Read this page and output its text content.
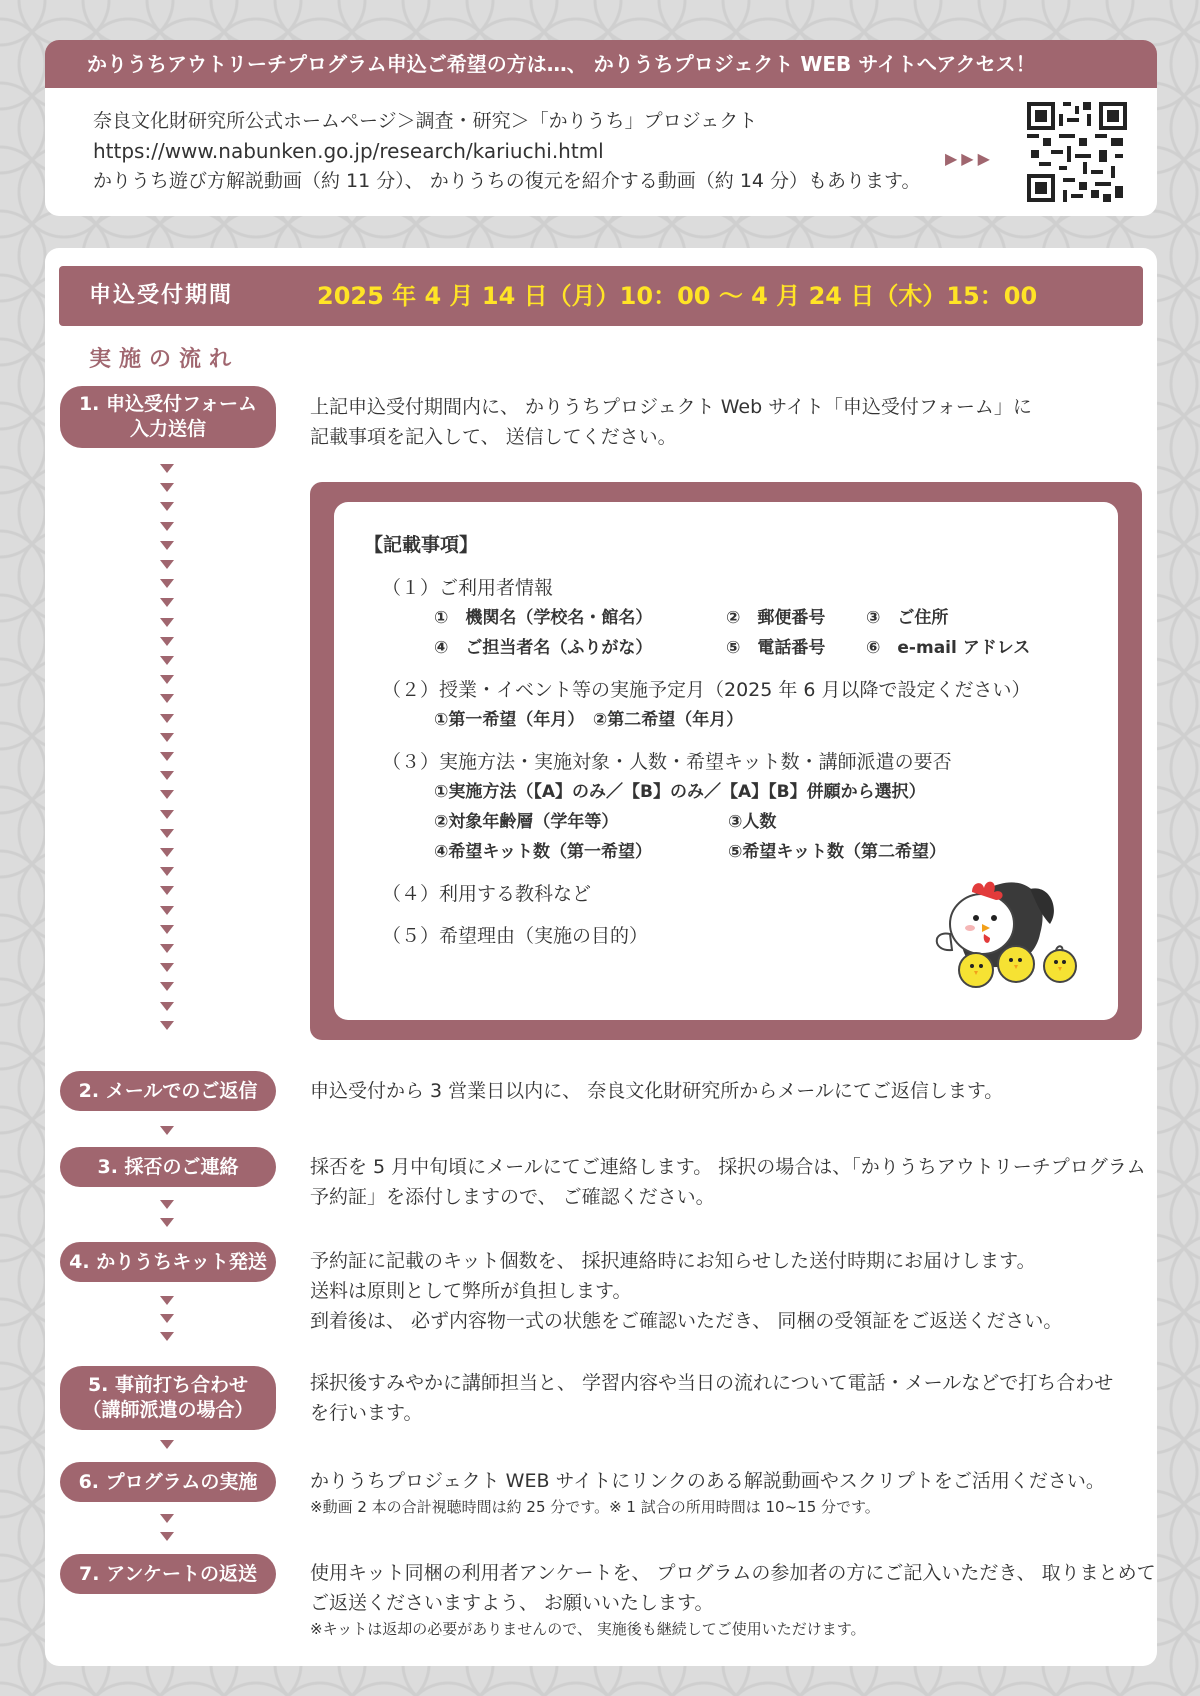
かりうちアウトリーチプログラム申込ご希望の方は…、 かりうちプロジェクト WEB サイトへアクセス！
奈良文化財研究所公式ホームページ＞調査・研究＞「かりうち」プロジェクト
https://www.nabunken.go.jp/research/kariuchi.html
かりうち遊び方解説動画（約 11 分）、 かりうちの復元を紹介する動画（約 14 分）もあります。
▶▶▶
申込受付期間	2025 年 4 月 14 日（月）10：00 ～ 4 月 24 日（木）15：00
実施の流れ
1. 申込受付フォーム
入力送信
上記申込受付期間内に、 かりうちプロジェクト Web サイト「申込受付フォーム」に
記載事項を記入して、 送信してください。
【記載事項】
（１）ご利用者情報
①　機関名（学校名・館名）	②　郵便番号	③　ご住所
④　ご担当者名（ふりがな）	⑤　電話番号	⑥　e-mail アドレス
（２）授業・イベント等の実施予定月（2025 年 6 月以降で設定ください）
①第一希望（年月）　②第二希望（年月）
（３）実施方法・実施対象・人数・希望キット数・講師派遣の要否
①実施方法（【A】のみ／【B】のみ／【A】【B】併願から選択）
②対象年齢層（学年等）	③人数
④希望キット数（第一希望）	⑤希望キット数（第二希望）
（４）利用する教科など
（５）希望理由（実施の目的）
2. メールでのご返信	申込受付から 3 営業日以内に、 奈良文化財研究所からメールにてご返信します。
3. 採否のご連絡	採否を 5 月中旬頃にメールにてご連絡します。 採択の場合は、「かりうちアウトリーチプログラム
予約証」を添付しますので、 ご確認ください。
4. かりうちキット発送	予約証に記載のキット個数を、 採択連絡時にお知らせした送付時期にお届けします。
送料は原則として弊所が負担します。
到着後は、 必ず内容物一式の状態をご確認いただき、 同梱の受領証をご返送ください。
5. 事前打ち合わせ
（講師派遣の場合）
採択後すみやかに講師担当と、 学習内容や当日の流れについて電話・メールなどで打ち合わせ
を行います。
6. プログラムの実施	かりうちプロジェクト WEB サイトにリンクのある解説動画やスクリプトをご活用ください。
※動画 2 本の合計視聴時間は約 25 分です。※ 1 試合の所用時間は 10~15 分です。
7. アンケートの返送	使用キット同梱の利用者アンケートを、 プログラムの参加者の方にご記入いただき、 取りまとめて
ご返送くださいますよう、 お願いいたします。
※キットは返却の必要がありませんので、 実施後も継続してご使用いただけます。
